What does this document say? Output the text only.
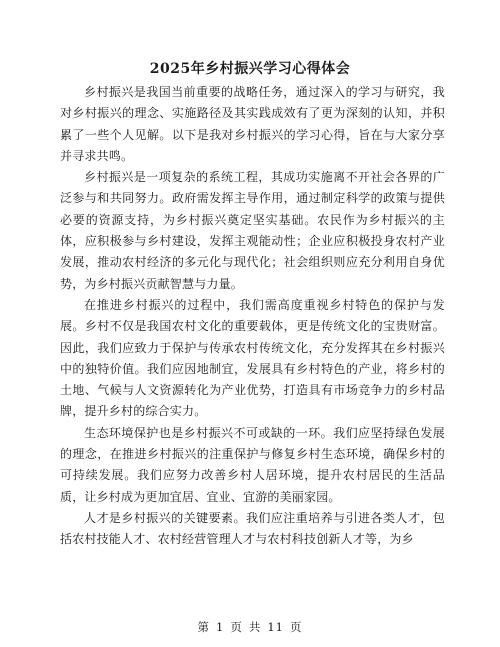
2025年乡村振兴学习心得体会

乡村振兴是我国当前重要的战略任务，通过深入的学习与研究，我对乡村振兴的理念、实施路径及其实践成效有了更为深刻的认知，并积累了一些个人见解。以下是我对乡村振兴的学习心得，旨在与大家分享并寻求共鸣。

乡村振兴是一项复杂的系统工程，其成功实施离不开社会各界的广泛参与和共同努力。政府需发挥主导作用，通过制定科学的政策与提供必要的资源支持，为乡村振兴奠定坚实基础。农民作为乡村振兴的主体，应积极参与乡村建设，发挥主观能动性；企业应积极投身农村产业发展，推动农村经济的多元化与现代化；社会组织则应充分利用自身优势，为乡村振兴贡献智慧与力量。

在推进乡村振兴的过程中，我们需高度重视乡村特色的保护与发展。乡村不仅是我国农村文化的重要载体，更是传统文化的宝贵财富。因此，我们应致力于保护与传承农村传统文化，充分发挥其在乡村振兴中的独特价值。我们应因地制宜，发展具有乡村特色的产业，将乡村的土地、气候与人文资源转化为产业优势，打造具有市场竞争力的乡村品牌，提升乡村的综合实力。

生态环境保护也是乡村振兴不可或缺的一环。我们应坚持绿色发展的理念，在推进乡村振兴的注重保护与修复乡村生态环境，确保乡村的可持续发展。我们应努力改善乡村人居环境，提升农村居民的生活品质，让乡村成为更加宜居、宜业、宜游的美丽家园。

人才是乡村振兴的关键要素。我们应注重培养与引进各类人才，包括农村技能人才、农村经营管理人才与农村科技创新人才等，为乡

第 1 页 共 11 页
